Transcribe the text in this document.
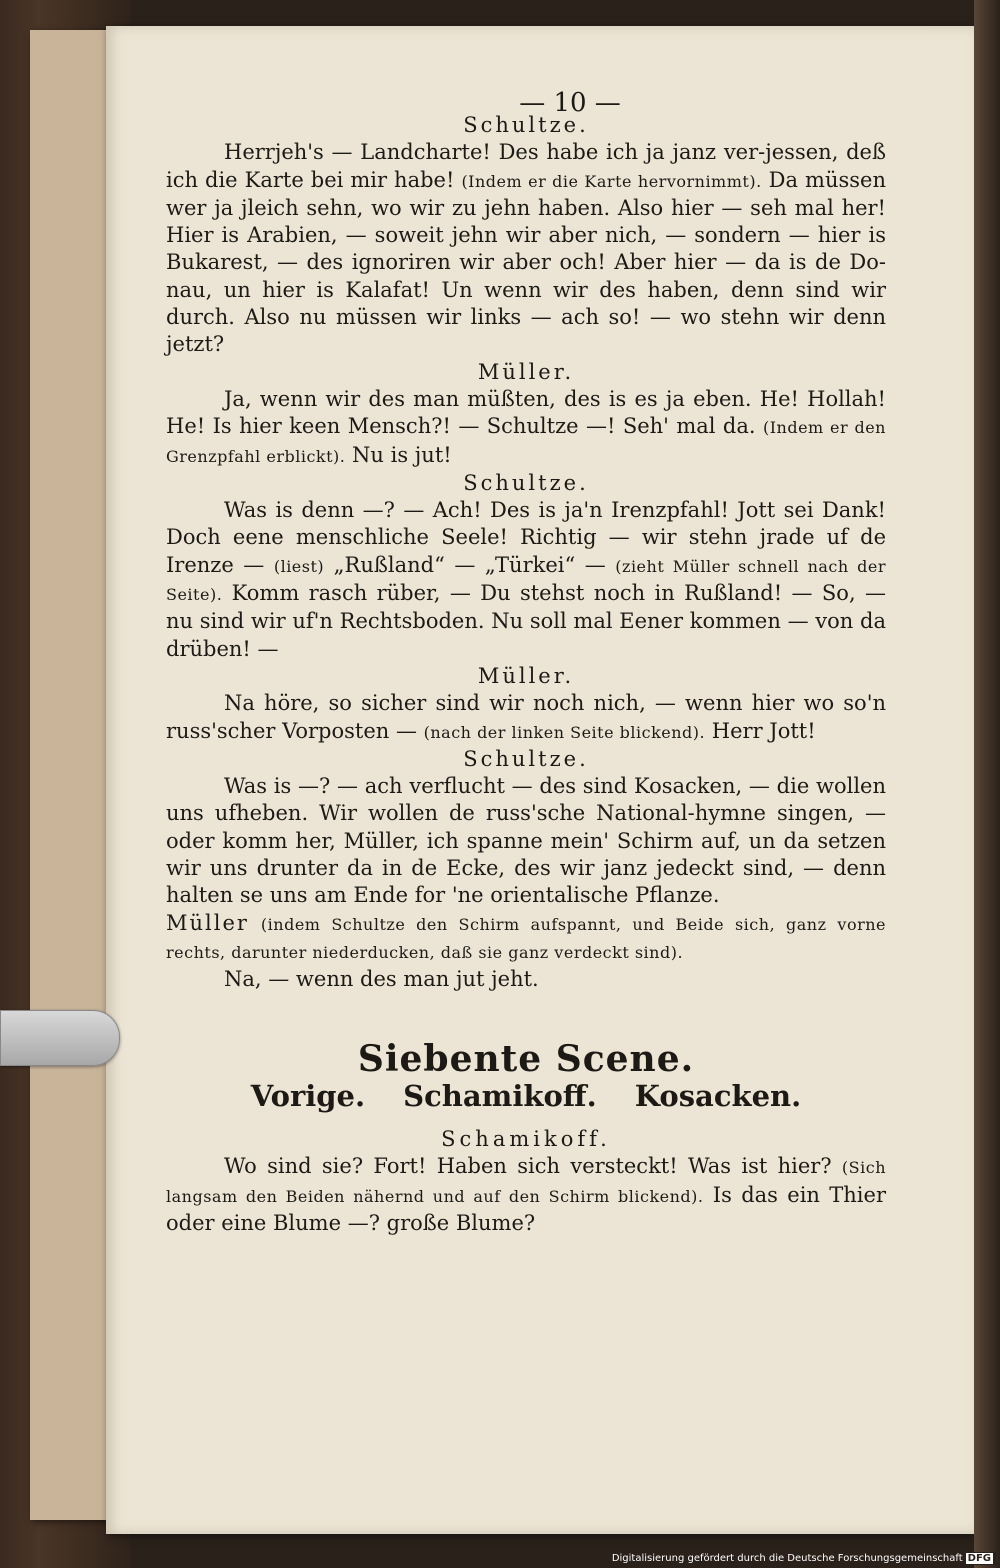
— 10 —

Schultze.

Herrjeh's — Landcharte! Des habe ich ja janz ver-jessen, deß ich die Karte bei mir habe! (Indem er die Karte hervornimmt). Da müssen wer ja jleich sehn, wo wir zu jehn haben. Also hier — seh mal her! Hier is Arabien, — soweit jehn wir aber nich, — sondern — hier is Bukarest, — des ignoriren wir aber och! Aber hier — da is de Do-nau, un hier is Kalafat! Un wenn wir des haben, denn sind wir durch. Also nu müssen wir links — ach so! — wo stehn wir denn jetzt?

Müller.

Ja, wenn wir des man müßten, des is es ja eben. He! Hollah! He! Is hier keen Mensch?! — Schultze —! Seh' mal da. (Indem er den Grenzpfahl erblickt). Nu is jut!

Schultze.

Was is denn —? — Ach! Des is ja'n Irenzpfahl! Jott sei Dank! Doch eene menschliche Seele! Richtig — wir stehn jrade uf de Irenze — (liest) „Rußland“ — „Türkei“ — (zieht Müller schnell nach der Seite). Komm rasch rüber, — Du stehst noch in Rußland! — So, — nu sind wir uf'n Rechtsboden. Nu soll mal Eener kommen — von da drüben! —

Müller.

Na höre, so sicher sind wir noch nich, — wenn hier wo so'n russ'scher Vorposten — (nach der linken Seite blickend). Herr Jott!

Schultze.

Was is —? — ach verflucht — des sind Kosacken, — die wollen uns ufheben. Wir wollen de russ'sche National-hymne singen, — oder komm her, Müller, ich spanne mein' Schirm auf, un da setzen wir uns drunter da in de Ecke, des wir janz jedeckt sind, — denn halten se uns am Ende for 'ne orientalische Pflanze.

Müller (indem Schultze den Schirm aufspannt, und Beide sich, ganz vorne rechts, darunter niederducken, daß sie ganz verdeckt sind).

Na, — wenn des man jut jeht.

Siebente Scene.
Vorige. Schamikoff. Kosacken.

Schamikoff.

Wo sind sie? Fort! Haben sich versteckt! Was ist hier? (Sich langsam den Beiden nähernd und auf den Schirm blickend). Is das ein Thier oder eine Blume —? große Blume?

Digitalisierung gefördert durch die Deutsche Forschungsgemeinschaft DFG
